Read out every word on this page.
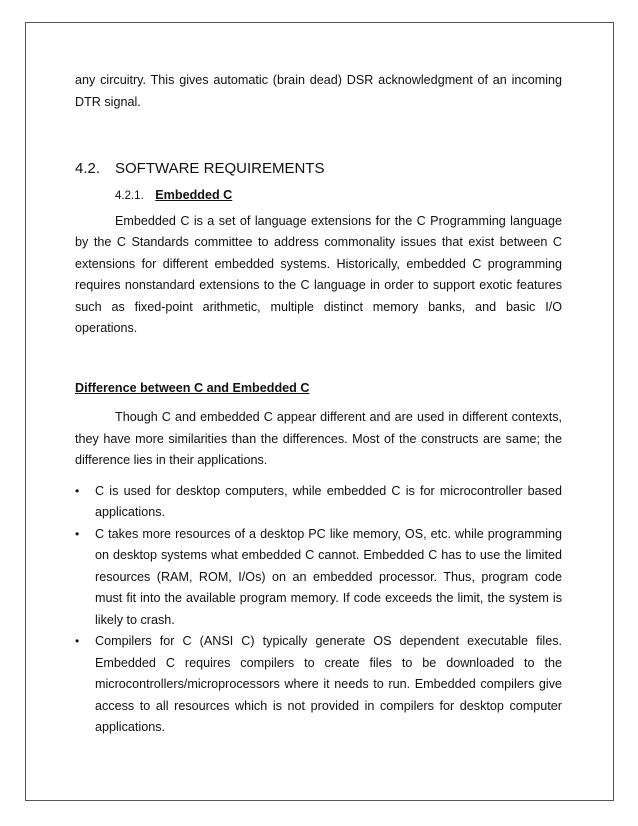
any circuitry. This gives automatic (brain dead) DSR acknowledgment of an incoming DTR signal.

4.2. SOFTWARE REQUIREMENTS
4.2.1. Embedded C

Embedded C is a set of language extensions for the C Programming language by the C Standards committee to address commonality issues that exist between C extensions for different embedded systems. Historically, embedded C programming requires nonstandard extensions to the C language in order to support exotic features such as fixed-point arithmetic, multiple distinct memory banks, and basic I/O operations.

Difference between C and Embedded C

Though C and embedded C appear different and are used in different contexts, they have more similarities than the differences. Most of the constructs are same; the difference lies in their applications.

• C is used for desktop computers, while embedded C is for microcontroller based applications.
• C takes more resources of a desktop PC like memory, OS, etc. while programming on desktop systems what embedded C cannot. Embedded C has to use the limited resources (RAM, ROM, I/Os) on an embedded processor. Thus, program code must fit into the available program memory. If code exceeds the limit, the system is likely to crash.
• Compilers for C (ANSI C) typically generate OS dependent executable files. Embedded C requires compilers to create files to be downloaded to the microcontrollers/microprocessors where it needs to run. Embedded compilers give access to all resources which is not provided in compilers for desktop computer applications.
